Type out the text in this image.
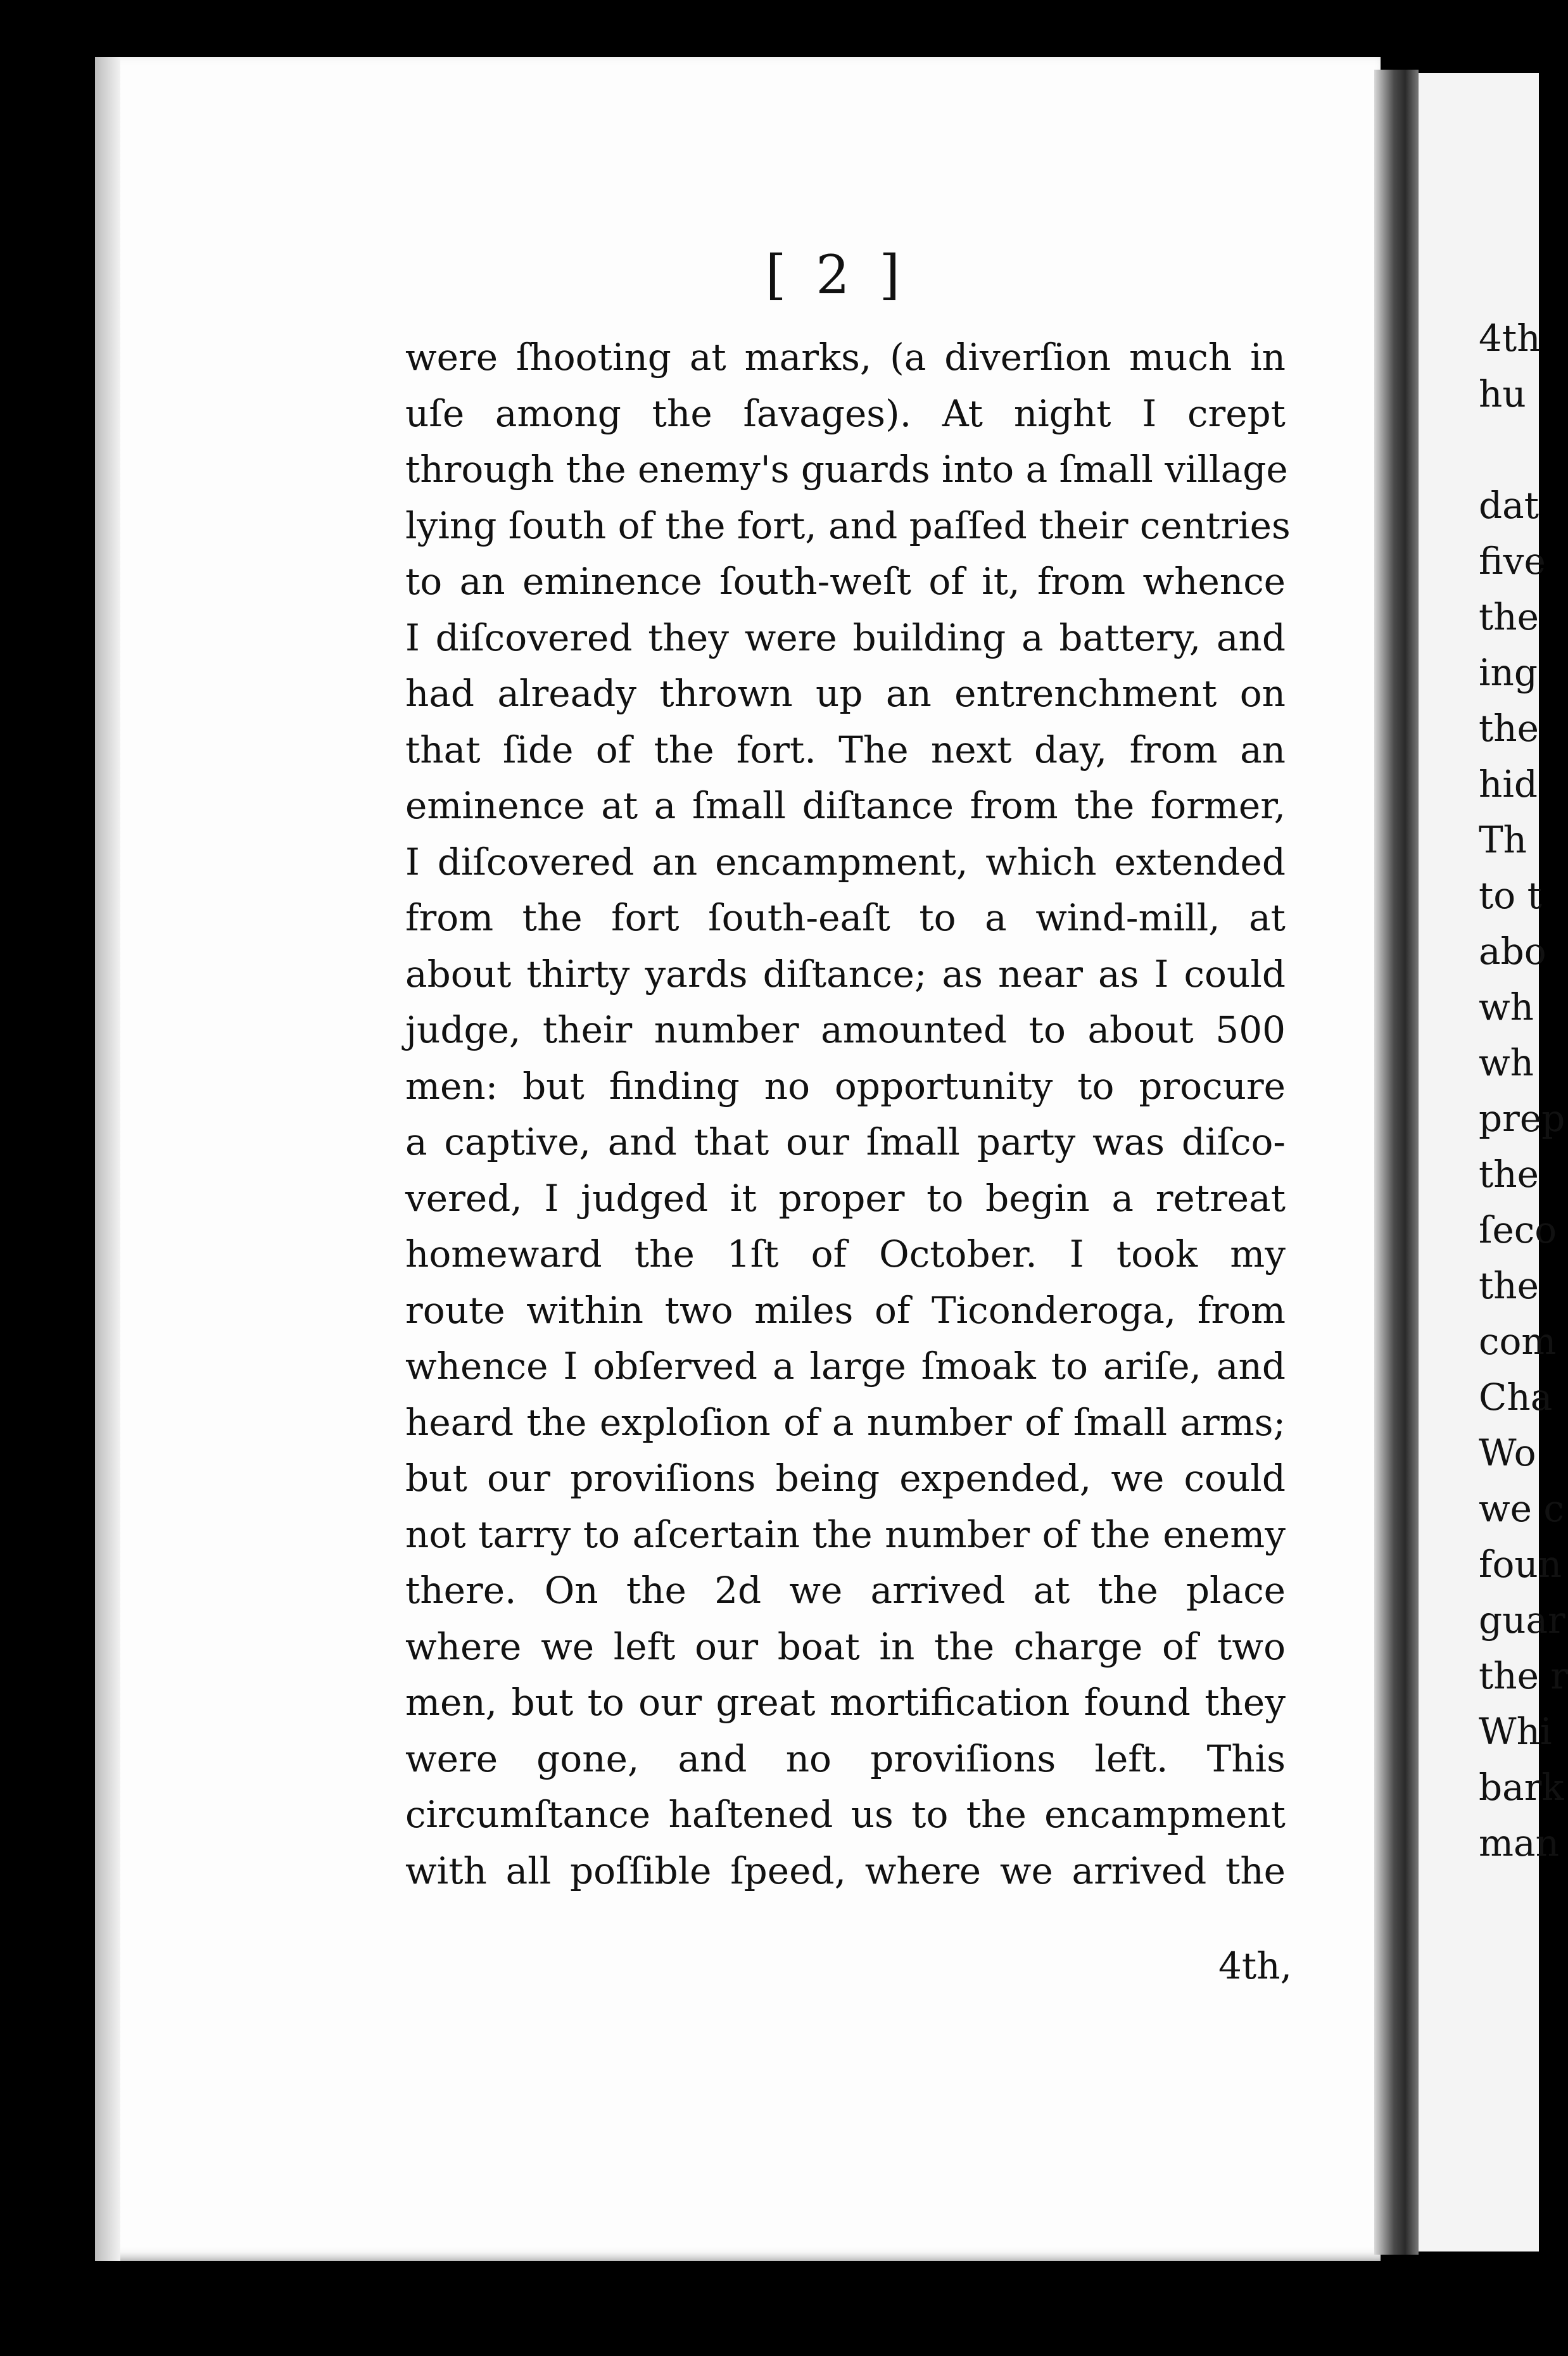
[ 2 ]
were ſhooting at marks, (a diverſion much in
uſe among the ſavages). At night I crept
through the enemy's guards into a ſmall village
lying ſouth of the fort, and paſſed their centries
to an eminence ſouth-weſt of it, from whence
I diſcovered they were building a battery, and
had already thrown up an entrenchment on
that ſide of the fort. The next day, from an
eminence at a ſmall diſtance from the former,
I diſcovered an encampment, which extended
from the fort ſouth-eaſt to a wind-mill, at
about thirty yards diſtance; as near as I could
judge, their number amounted to about 500
men: but finding no opportunity to procure
a captive, and that our ſmall party was diſco-
vered, I judged it proper to begin a retreat
homeward the 1ſt of October. I took my
route within two miles of Ticonderoga, from
whence I obſerved a large ſmoak to ariſe, and
heard the exploſion of a number of ſmall arms;
but our proviſions being expended, we could
not tarry to aſcertain the number of the enemy
there. On the 2d we arrived at the place
where we left our boat in the charge of two
men, but to our great mortification found they
were gone, and no proviſions left. This
circumſtance haſtened us to the encampment
with all poſſible ſpeed, where we arrived the
4th,
4th
hu
dat
five
the
ing
the
hid
Th
to t
abo
wh
wh
prep
the
ſeco
the
com
Cha
Wo
we c
foun
guar
the r
Whi
bark
man
